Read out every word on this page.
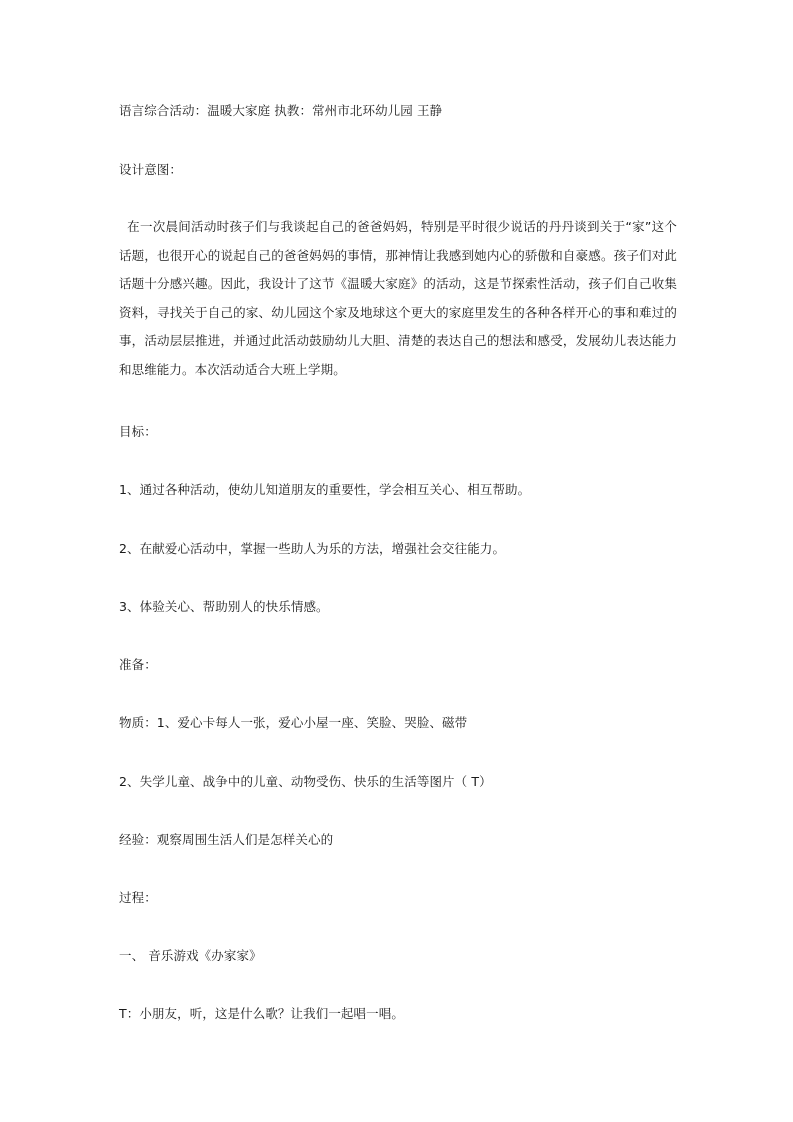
语言综合活动：温暖大家庭 执教：常州市北环幼儿园 王静
设计意图：
在一次晨间活动时孩子们与我谈起自己的爸爸妈妈，特别是平时很少说话的丹丹谈到关于“家”这个话题，也很开心的说起自己的爸爸妈妈的事情，那神情让我感到她内心的骄傲和自豪感。孩子们对此话题十分感兴趣。因此，我设计了这节《温暖大家庭》的活动，这是节探索性活动，孩子们自己收集资料，寻找关于自己的家、幼儿园这个家及地球这个更大的家庭里发生的各种各样开心的事和难过的事，活动层层推进，并通过此活动鼓励幼儿大胆、清楚的表达自己的想法和感受，发展幼儿表达能力和思维能力。本次活动适合大班上学期。
目标：
1、通过各种活动，使幼儿知道朋友的重要性，学会相互关心、相互帮助。
2、在献爱心活动中，掌握一些助人为乐的方法，增强社会交往能力。
3、体验关心、帮助别人的快乐情感。
准备：
物质：1、爱心卡每人一张，爱心小屋一座、笑脸、哭脸、磁带
2、失学儿童、战争中的儿童、动物受伤、快乐的生活等图片（ T）
经验：观察周围生活人们是怎样关心的
过程：
一、 音乐游戏《办家家》
T：小朋友，听，这是什么歌？让我们一起唱一唱。
